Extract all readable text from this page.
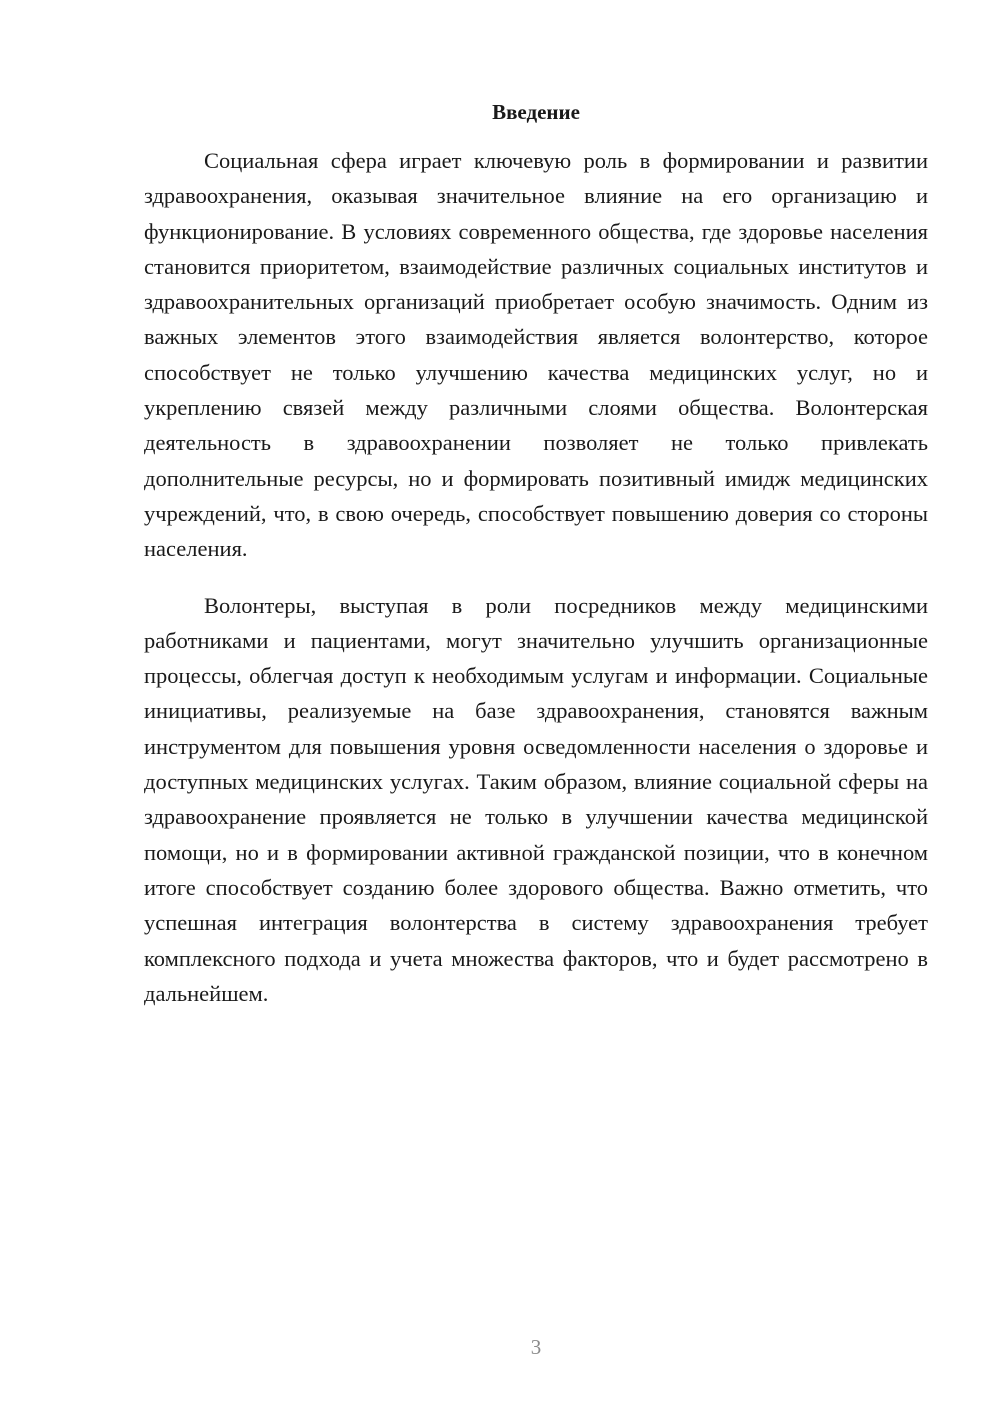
Введение

Социальная сфера играет ключевую роль в формировании и развитии здравоохранения, оказывая значительное влияние на его организацию и функционирование. В условиях современного общества, где здоровье населения становится приоритетом, взаимодействие различных социальных институтов и здравоохранительных организаций приобретает особую значимость. Одним из важных элементов этого взаимодействия является волонтерство, которое способствует не только улучшению качества медицинских услуг, но и укреплению связей между различными слоями общества. Волонтерская деятельность в здравоохранении позволяет не только привлекать дополнительные ресурсы, но и формировать позитивный имидж медицинских учреждений, что, в свою очередь, способствует повышению доверия со стороны населения.

Волонтеры, выступая в роли посредников между медицинскими работниками и пациентами, могут значительно улучшить организационные процессы, облегчая доступ к необходимым услугам и информации. Социальные инициативы, реализуемые на базе здравоохранения, становятся важным инструментом для повышения уровня осведомленности населения о здоровье и доступных медицинских услугах. Таким образом, влияние социальной сферы на здравоохранение проявляется не только в улучшении качества медицинской помощи, но и в формировании активной гражданской позиции, что в конечном итоге способствует созданию более здорового общества. Важно отметить, что успешная интеграция волонтерства в систему здравоохранения требует комплексного подхода и учета множества факторов, что и будет рассмотрено в дальнейшем.

3
